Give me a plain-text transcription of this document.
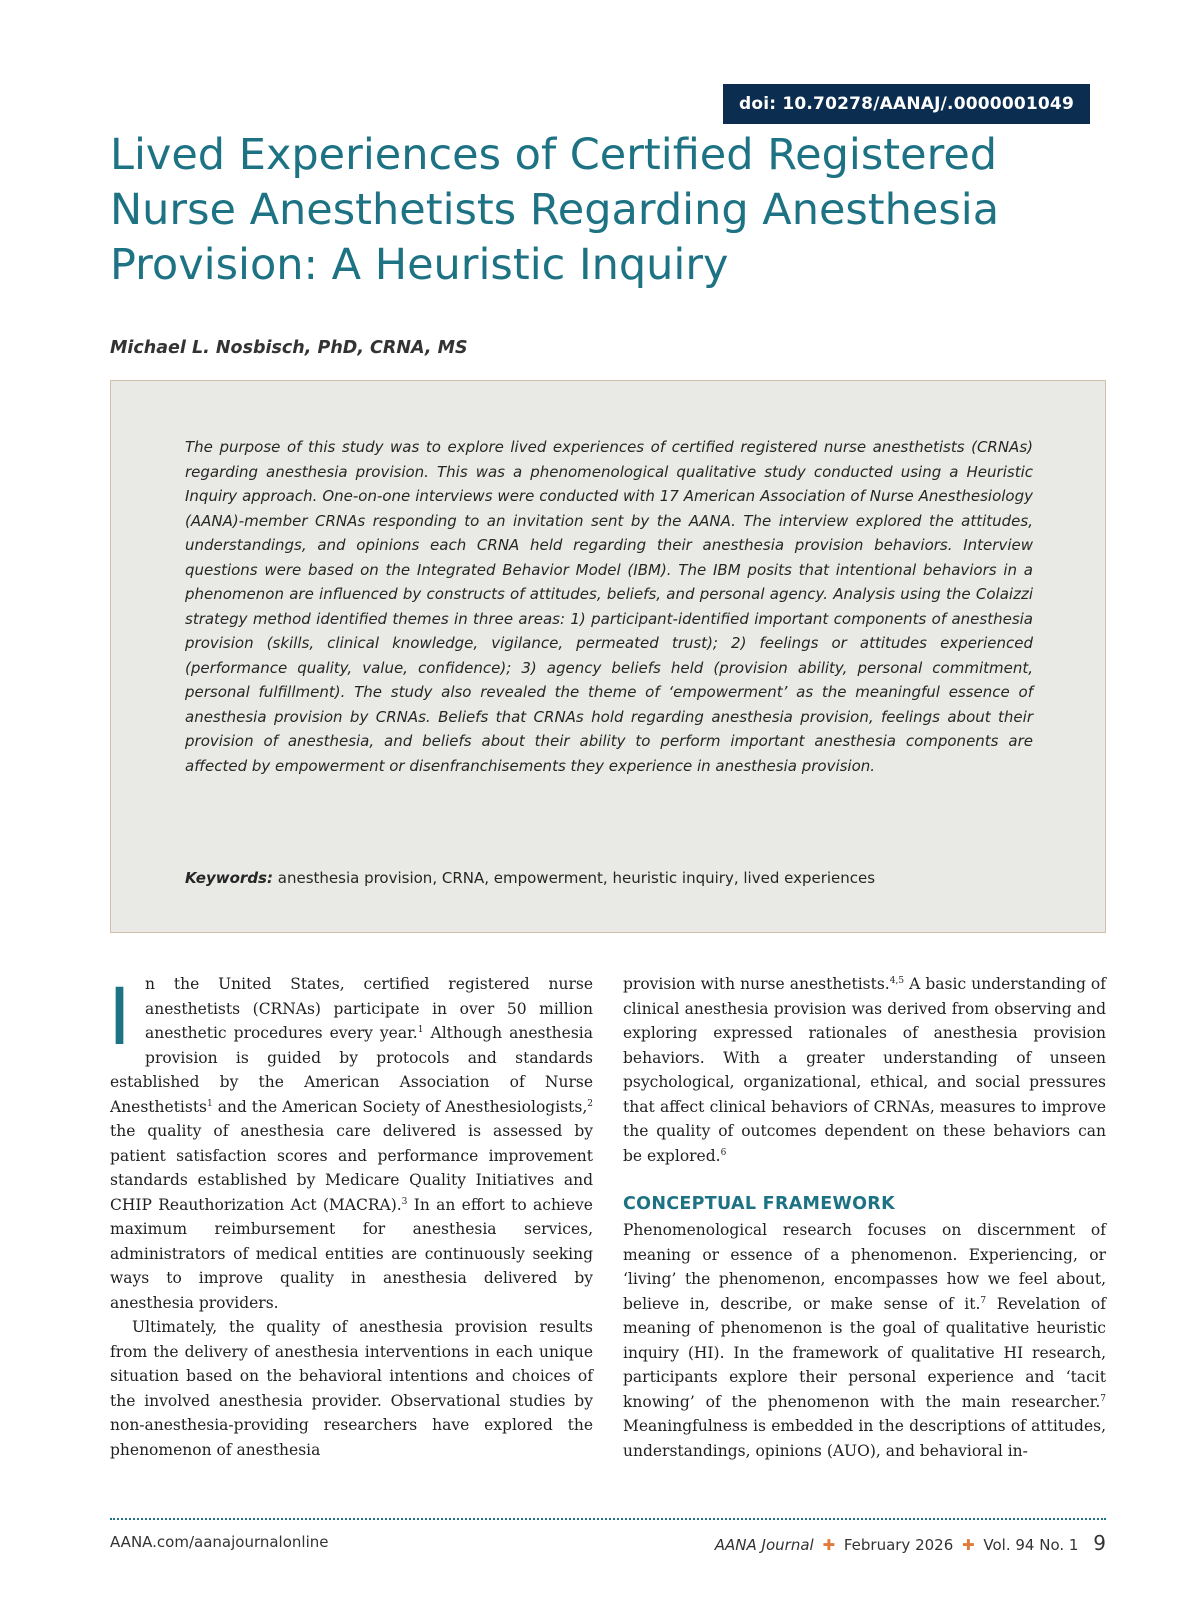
doi: 10.70278/AANAJ/.0000001049
Lived Experiences of Certified Registered Nurse Anesthetists Regarding Anesthesia Provision: A Heuristic Inquiry

Michael L. Nosbisch, PhD, CRNA, MS

The purpose of this study was to explore lived experiences of certified registered nurse anesthetists (CRNAs) regarding anesthesia provision. This was a phenomenological qualitative study conducted using a Heuristic Inquiry approach. One-on-one interviews were conducted with 17 American Association of Nurse Anesthesiology (AANA)-member CRNAs responding to an invitation sent by the AANA. The interview explored the attitudes, understandings, and opinions each CRNA held regarding their anesthesia provision behaviors. Interview questions were based on the Integrated Behavior Model (IBM). The IBM posits that intentional behaviors in a phenomenon are influenced by constructs of attitudes, beliefs, and personal agency. Analysis using the Colaizzi strategy method identified themes in three areas: 1) participant-identified important components of anesthesia provision (skills, clinical knowledge, vigilance, permeated trust); 2) feelings or attitudes experienced (performance quality, value, confidence); 3) agency beliefs held (provision ability, personal commitment, personal fulfillment). The study also revealed the theme of ‘empowerment’ as the meaningful essence of anesthesia provision by CRNAs. Beliefs that CRNAs hold regarding anesthesia provision, feelings about their provision of anesthesia, and beliefs about their ability to perform important anesthesia components are affected by empowerment or disenfranchisements they experience in anesthesia provision.

Keywords: anesthesia provision, CRNA, empowerment, heuristic inquiry, lived experiences

In the United States, certified registered nurse anesthetists (CRNAs) participate in over 50 million anesthetic procedures every year.$^1$ Although anesthesia provision is guided by protocols and standards established by the American Association of Nurse Anesthetists$^1$ and the American Society of Anesthesiologists,$^2$ the quality of anesthesia care delivered is assessed by patient satisfaction scores and performance improvement standards established by Medicare Quality Initiatives and CHIP Reauthorization Act (MACRA).$^3$ In an effort to achieve maximum reimbursement for anesthesia services, administrators of medical entities are continuously seeking ways to improve quality in anesthesia delivered by anesthesia providers.

Ultimately, the quality of anesthesia provision results from the delivery of anesthesia interventions in each unique situation based on the behavioral intentions and choices of the involved anesthesia provider. Observational studies by non-anesthesia-providing researchers have explored the phenomenon of anesthesia

provision with nurse anesthetists.$^{4,5}$ A basic understanding of clinical anesthesia provision was derived from observing and exploring expressed rationales of anesthesia provision behaviors. With a greater understanding of unseen psychological, organizational, ethical, and social pressures that affect clinical behaviors of CRNAs, measures to improve the quality of outcomes dependent on these behaviors can be explored.$^6$

CONCEPTUAL FRAMEWORK

Phenomenological research focuses on discernment of meaning or essence of a phenomenon. Experiencing, or ‘living’ the phenomenon, encompasses how we feel about, believe in, describe, or make sense of it.$^7$ Revelation of meaning of phenomenon is the goal of qualitative heuristic inquiry (HI). In the framework of qualitative HI research, participants explore their personal experience and ‘tacit knowing’ of the phenomenon with the main researcher.$^7$ Meaningfulness is embedded in the descriptions of attitudes, understandings, opinions (AUO), and behavioral in-

AANA.com/aanajournalonline	AANA Journal ✚ February 2026 ✚ Vol. 94 No. 1 9
